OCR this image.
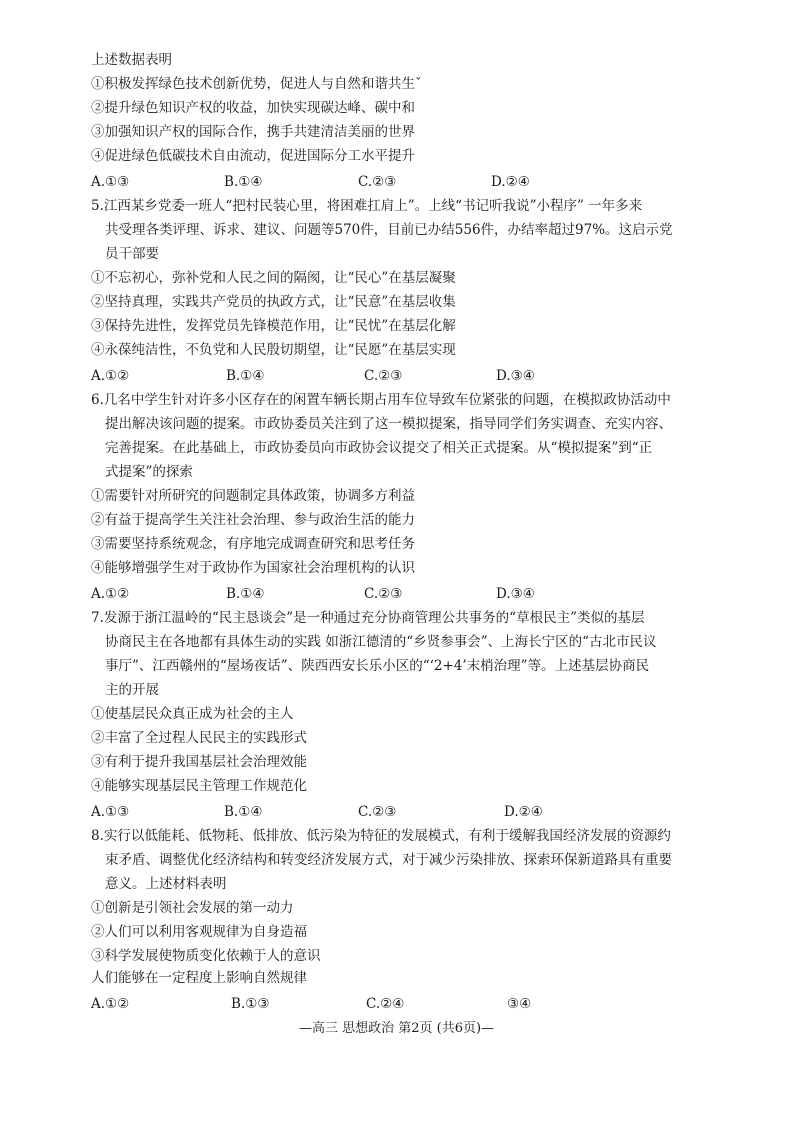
上述数据表明
①积极发挥绿色技术创新优势，促进人与自然和谐共生ˇ
②提升绿色知识产权的收益，加快实现碳达峰、碳中和
③加强知识产权的国际合作，携手共建清洁美丽的世界
④促进绿色低碳技术自由流动，促进国际分工水平提升
A.①③	B.①④	C.②③	D.②④
5.江西某乡党委一班人“把村民装心里，将困难扛肩上”。上线“书记听我说”小程序” 一年多来
共受理各类评理、诉求、建议、问题等570件，目前已办结556件，办结率超过97%。这启示党
员干部要
①不忘初心，弥补党和人民之间的隔阂，让“民心”在基层凝聚
②坚持真理，实践共产党员的执政方式，让“民意”在基层收集
③保持先进性，发挥党员先锋模范作用，让“民忧”在基层化解
④永葆纯洁性，不负党和人民殷切期望，让“民愿”在基层实现
A.①②	B.①④	C.②③	D.③④
6.几名中学生针对许多小区存在的闲置车辆长期占用车位导致车位紧张的问题，在模拟政协活动中
提出解决该问题的提案。市政协委员关注到了这一模拟提案，指导同学们务实调查、充实内容、
完善提案。在此基础上，市政协委员向市政协会议提交了相关正式提案。从“模拟提案”到“正
式提案”的探索
①需要针对所研究的问题制定具体政策，协调多方利益
②有益于提高学生关注社会治理、参与政治生活的能力
③需要坚持系统观念，有序地完成调查研究和思考任务
④能够增强学生对于政协作为国家社会治理机构的认识
A.①②	B.①④	C.②③	D.③④
7.发源于浙江温岭的“民主恳谈会”是一种通过充分协商管理公共事务的“草根民主”类似的基层
协商民主在各地都有具体生动的实践 如浙江德清的“乡贤参事会”、上海长宁区的“古北市民议
事厅”、江西赣州的“屋场夜话”、陕西西安长乐小区的“‘2+4’末梢治理”等。上述基层协商民
主的开展
①使基层民众真正成为社会的主人
②丰富了全过程人民民主的实践形式
③有利于提升我国基层社会治理效能
④能够实现基层民主管理工作规范化
A.①③	B.①④	C.②③	D.②④
8.实行以低能耗、低物耗、低排放、低污染为特征的发展模式，有利于缓解我国经济发展的资源约
束矛盾、调整优化经济结构和转变经济发展方式，对于减少污染排放、探索环保新道路具有重要
意义。上述材料表明
①创新是引领社会发展的第一动力
②人们可以利用客观规律为自身造福
③科学发展使物质变化依赖于人的意识
人们能够在一定程度上影响自然规律
A.①②	B.①③	C.②④	③④
—高三 思想政治 第2页 (共6页)—
